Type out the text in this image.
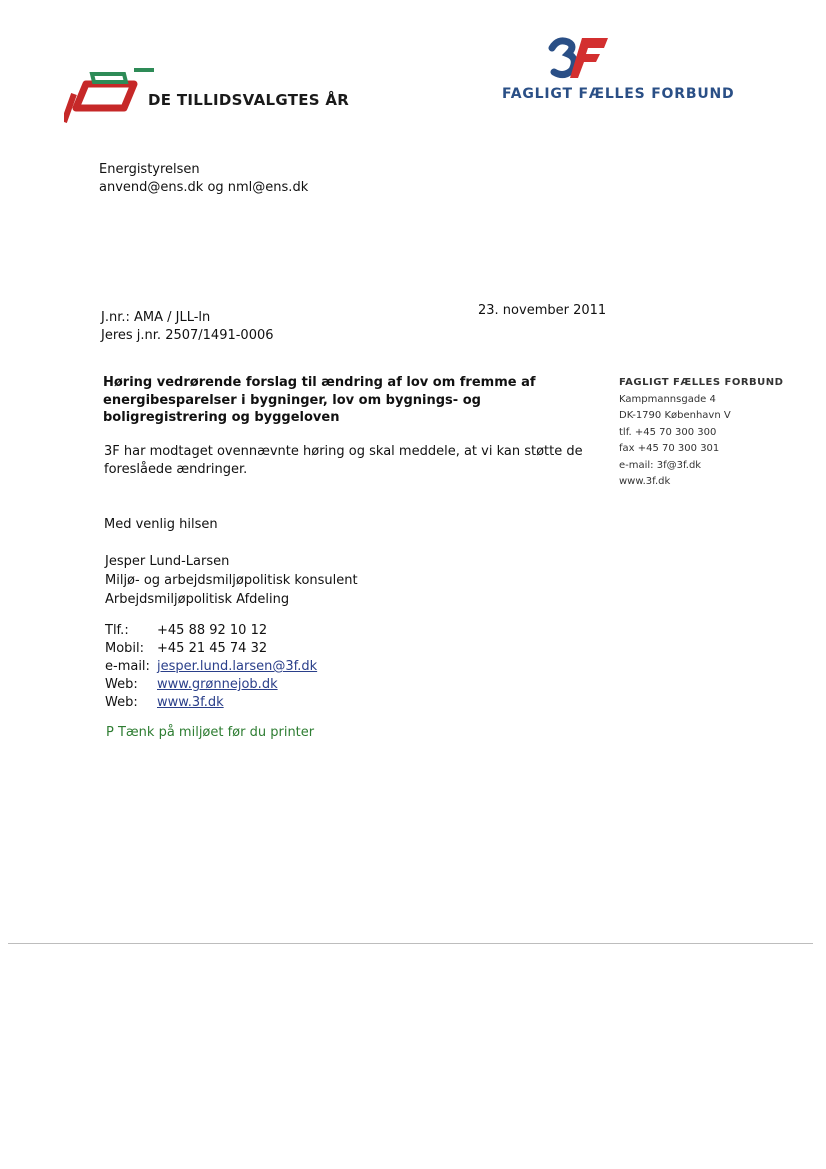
DE TILLIDSVALGTES ÅR	FAGLIGT FÆLLES FORBUND
Energistyrelsen
anvend@ens.dk og nml@ens.dk
J.nr.: AMA / JLL-ln
Jeres j.nr. 2507/1491-0006
23. november 2011
Høring vedrørende forslag til ændring af lov om fremme af energibesparelser i bygninger, lov om bygnings- og boligregistrering og byggeloven
3F har modtaget ovennævnte høring og skal meddele, at vi kan støtte de foreslåede ændringer.
Med venlig hilsen
Jesper Lund-Larsen
Miljø- og arbejdsmiljøpolitisk konsulent
Arbejdsmiljøpolitisk Afdeling
Tlf.:	+45 88 92 10 12
Mobil: +45 21 45 74 32
e-mail: jesper.lund.larsen@3f.dk
Web:	www.grønnejob.dk
Web:	www.3f.dk
P Tænk på miljøet før du printer
FAGLIGT FÆLLES FORBUND
Kampmannsgade 4
DK-1790 København V
tlf. +45 70 300 300
fax +45 70 300 301
e-mail: 3f@3f.dk
www.3f.dk
